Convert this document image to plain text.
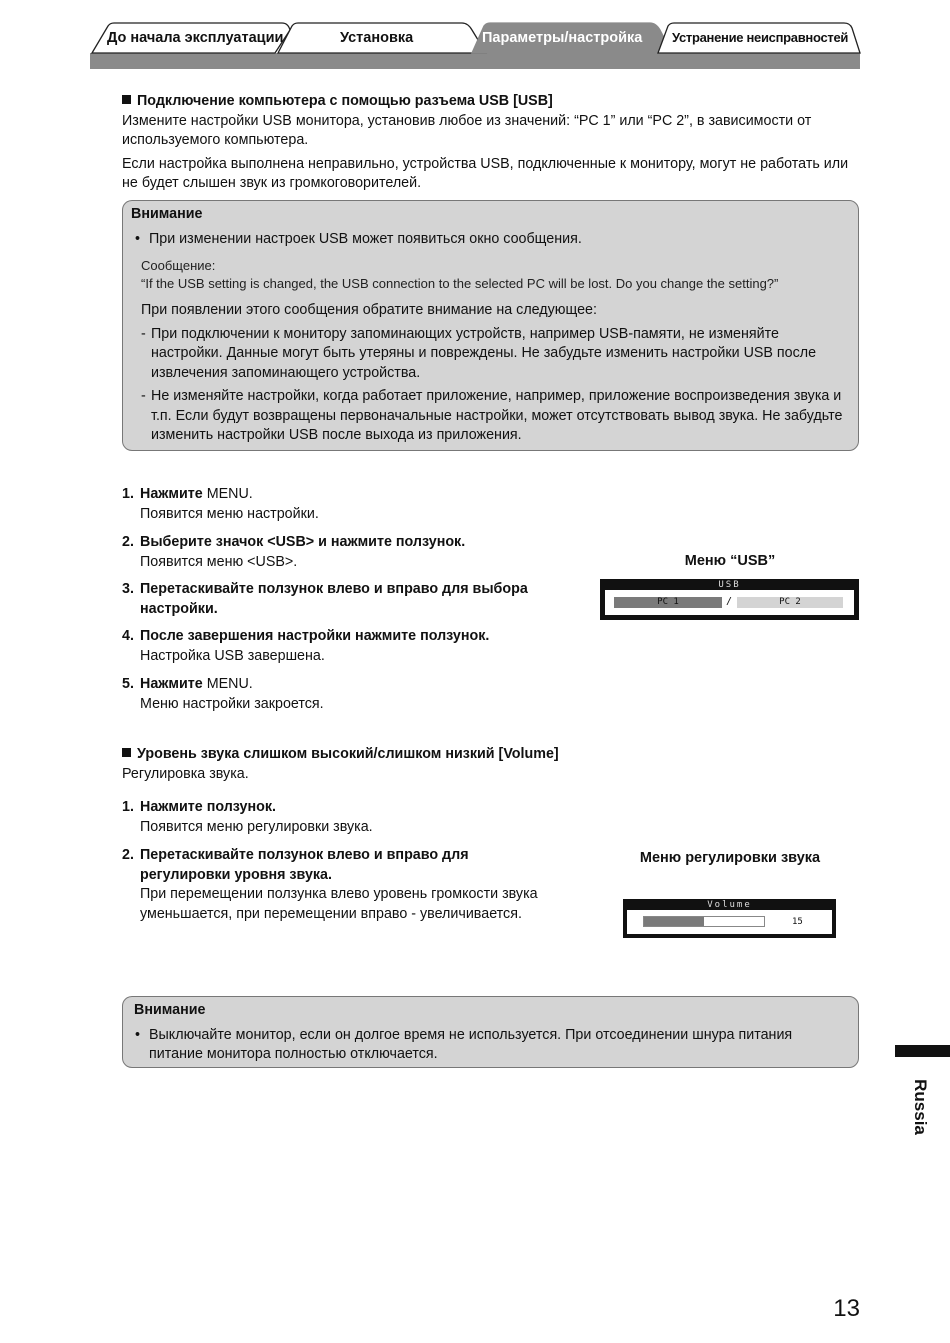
До начала эксплуатации	Установка	Параметры/настройка Устранение неисправностей
Подключение компьютера с помощью разъема USB [USB]
Измените настройки USB монитора, установив любое из значений: “PC 1” или “PC 2”, в зависимости от используемого компьютера.
Если настройка выполнена неправильно, устройства USB, подключенные к монитору, могут не работать или не будет слышен звук из громкоговорителей.
Внимание
• При изменении настроек USB может появиться окно сообщения.
Сообщение:
“If the USB setting is changed, the USB connection to the selected PC will be lost. Do you change the setting?”
При появлении этого сообщения обратите внимание на следующее:
- При подключении к монитору запоминающих устройств, например USB-памяти, не изменяйте настройки. Данные могут быть утеряны и повреждены. Не забудьте изменить настройки USB после извлечения запоминающего устройства.
- Не изменяйте настройки, когда работает приложение, например, приложение воспроизведения звука и т.п. Если будут возвращены первоначальные настройки, может отсутствовать вывод звука. Не забудьте изменить настройки USB после выхода из приложения.
1. Нажмите MENU.
Появится меню настройки.
2. Выберите значок <USB> и нажмите ползунок.
Появится меню <USB>.
3. Перетаскивайте ползунок влево и вправо для выбора настройки.
4. После завершения настройки нажмите ползунок.
Настройка USB завершена.
5. Нажмите MENU.
Меню настройки закроется.
Меню “USB”
USB
PC 1	/	PC 2
Уровень звука слишком высокий/слишком низкий [Volume]
Регулировка звука.
1. Нажмите ползунок.
Появится меню регулировки звука.
2. Перетаскивайте ползунок влево и вправо для регулировки уровня звука.
При перемещении ползунка влево уровень громкости звука уменьшается, при перемещении вправо - увеличивается.
Меню регулировки звука
Volume
15
Внимание
• Выключайте монитор, если он долгое время не используется. При отсоединении шнура питания питание монитора полностью отключается.
Russia
13
